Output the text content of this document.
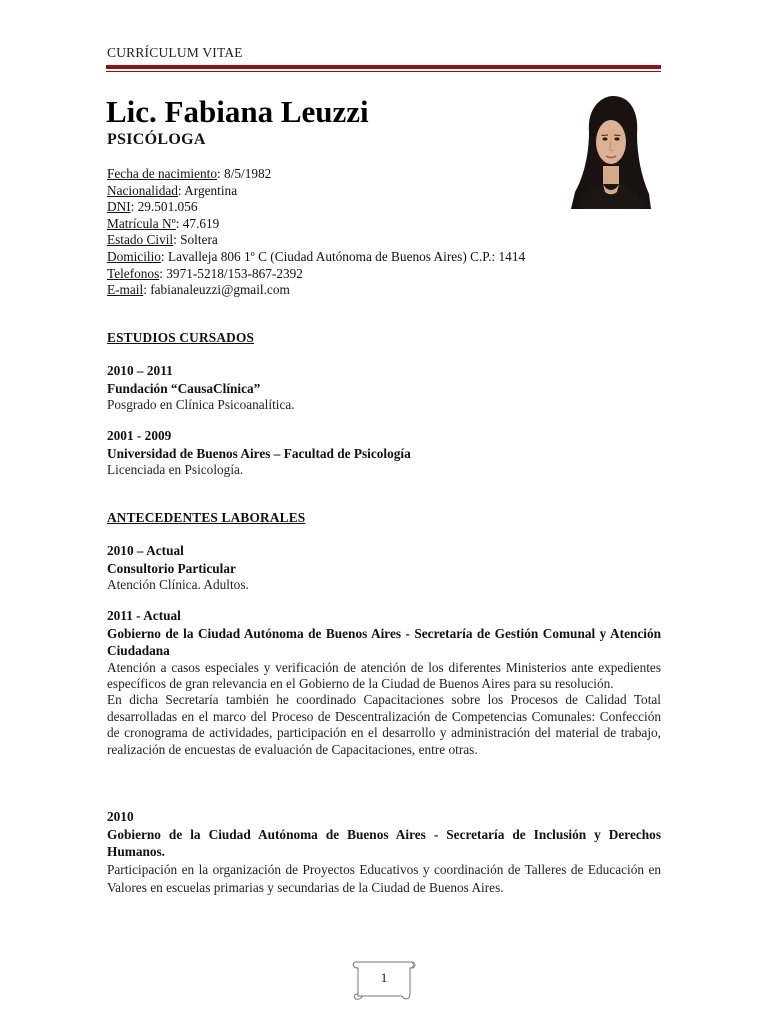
CURRÍCULUM VITAE
Lic. Fabiana Leuzzi
PSICÓLOGA
Fecha de nacimiento: 8/5/1982
Nacionalidad: Argentina
DNI: 29.501.056
Matrícula Nº: 47.619
Estado Civil: Soltera
Domicilio: Lavalleja 806 1º C (Ciudad Autónoma de Buenos Aires) C.P.: 1414
Telefonos: 3971-5218/153-867-2392
E-mail: fabianaleuzzi@gmail.com
ESTUDIOS CURSADOS
2010 – 2011
Fundación “CausaClínica”
Posgrado en Clínica Psicoanalítica.
2001 - 2009
Universidad de Buenos Aires – Facultad de Psicología
Licenciada en Psicología.
ANTECEDENTES LABORALES
2010 – Actual
Consultorio Particular
Atención Clínica. Adultos.
2011 - Actual
Gobierno de la Ciudad Autónoma de Buenos Aires - Secretaría de Gestión Comunal y Atención Ciudadana
Atención a casos especiales y verificación de atención de los diferentes Ministerios ante expedientes específicos de gran relevancia en el Gobierno de la Ciudad de Buenos Aires para su resolución.
En dicha Secretaría también he coordinado Capacitaciones sobre los Procesos de Calidad Total desarrolladas en el marco del Proceso de Descentralización de Competencias Comunales: Confección de cronograma de actividades, participación en el desarrollo y administración del material de trabajo, realización de encuestas de evaluación de Capacitaciones, entre otras.
2010
Gobierno de la Ciudad Autónoma de Buenos Aires - Secretaría de Inclusión y Derechos Humanos.
Participación en la organización de Proyectos Educativos y coordinación de Talleres de Educación en Valores en escuelas primarias y secundarias de la Ciudad de Buenos Aires.
1
